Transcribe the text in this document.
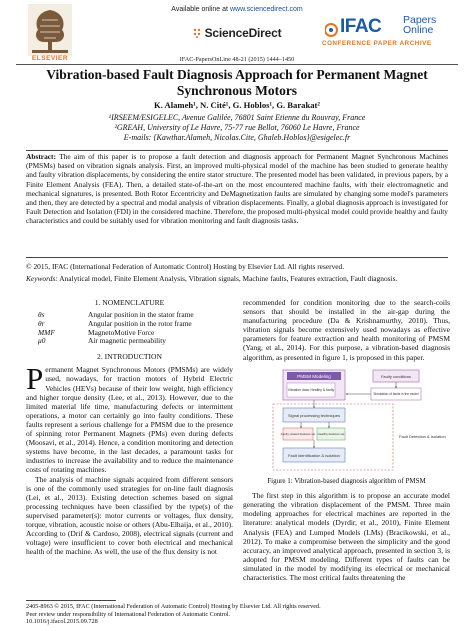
Available online at www.sciencedirect.com
ELSEVIER
ScienceDirect	IFAC Papers
Online
CONFERENCE PAPER ARCHIVE
IFAC-PapersOnLine 48-21 (2015) 1444–1450
Vibration-based Fault Diagnosis Approach for Permanent Magnet
Synchronous Motors
K. Alameh¹, N. Cité¹, G. Hoblos¹, G. Barakat²
¹IRSEEM/ESIGELEC, Avenue Galilée, 76801 Saint Etienne du Rouvray, France
²GREAH, University of Le Havre, 75-77 rue Bellot, 76060 Le Havre, France
E-mails: {Kawthar.Alameh, Nicolas.Cite, Ghaleb.Hoblos}@esigelec.fr
Abstract: The aim of this paper is to propose a fault detection and diagnosis approach for Permanent Magnet Synchronous Machines (PMSMs) based on vibration signals analysis. First, an improved multi-physical model of the machine has been studied to generate healthy and faulty vibration displacements, by considering the entire stator structure. The presented model has been validated, in previous papers, by a Finite Element Analysis (FEA). Then, a detailed state-of-the-art on the most encountered machine faults, with their electromagnetic and mechanical signatures, is presented. Both Rotor Eccentricity and DeMagnetization faults are simulated by changing some model's parameters and then, they are detected by a spectral and modal analysis of vibration displacements. Finally, a global diagnosis approach is investigated for Fault Detection and Isolation (FDI) in the considered machine. Therefore, the proposed multi-physical model could provide healthy and faulty characteristics and could be suitably used for vibration monitoring and fault diagnosis tasks.
© 2015, IFAC (International Federation of Automatic Control) Hosting by Elsevier Ltd. All rights reserved.
Keywords: Analytical model, Finite Element Analysis, Vibration signals, Machine faults, Features extraction, Fault diagnosis.
1. NOMENCLATURE
θs	Angular position in the stator frame
θr	Angular position in the rotor frame
MMF	MagnetoMotive Force
μ0	Air magnetic permeability
2. INTRODUCTION
P ermanent Magnet Synchronous Motors (PMSMs) are widely used, nowadays, for traction motors of Hybrid Electric Vehicles (HEVs) because of their low weight, high efficiency and higher torque density (Lee, et al., 2013). However, due to the limited material life time, manufacturing defects or intermittent operations, a motor can certainly go into faulty conditions. These faults represent a serious challenge for a PMSM due to the presence of spinning rotor Permanent Magnets (PMs) even during defects (Moosavi, et al., 2014). Hence, a condition monitoring and detection systems have become, in the last decades, a paramount tasks for industries to increase the availability and to reduce the maintenance costs of rotating machines.

The analysis of machine signals acquired from different sensors is one of the commonly used strategies for on-line fault diagnosis (Lei, et al., 2013). Existing detection schemes based on signal processing techniques have been classified by the type(s) of the supervised parameter(s): motor currents or voltages, flux density, torque, vibration, acoustic noise or others (Abu-Elhaija, et al., 2010). According to (Drif & Cardoso, 2008), electrical signals (current and voltage) were insufficient to cover both electrical and mechanical health of the machine. As well, the use of the flux density is not

recommended for condition monitoring due to the search-coils sensors that should be installed in the air-gap during the manufacturing procedure (Da & Krishnamurthy, 2010). Thus, vibration signals become extensively used nowadays as effective parameters for feature extraction and health monitoring of PMSM (Yang, et al., 2014). For this purpose, a vibration-based diagnosis algorithm, as presented in figure 1, is proposed in this paper.

PMSM Modeling
Vibration data: Healthy & faulty
Faulty conditions
Simulation of faults in the model
Signal processing techniques
Faulty related features set Healthy features set
Fault identification & isolation
Fault Detection & Isolation
Figure 1: Vibration-based diagnosis algorithm of PMSM

The first step in this algorithm is to propose an accurate model generating the vibration displacement of the PMSM. Three main modeling approaches for electrical machines are reported in the literature: analytical models (Dyrdir, et al., 2010), Finite Element Analysis (FEA) and Lumped Models (LMs) (Bracikowski, et al., 2012). To make a compromise between the simplicity and the good accuracy, an improved analytical approach, presented in section 3, is adopted for PMSM modeling. Different types of faults can be simulated in the model by modifying its electrical or mechanical characteristics. The most critical faults threatening the

2405-8963 © 2015, IFAC (International Federation of Automatic Control) Hosting by Elsevier Ltd. All rights reserved.
Peer review under responsibility of International Federation of Automatic Control.
10.1016/j.ifacol.2015.09.728
